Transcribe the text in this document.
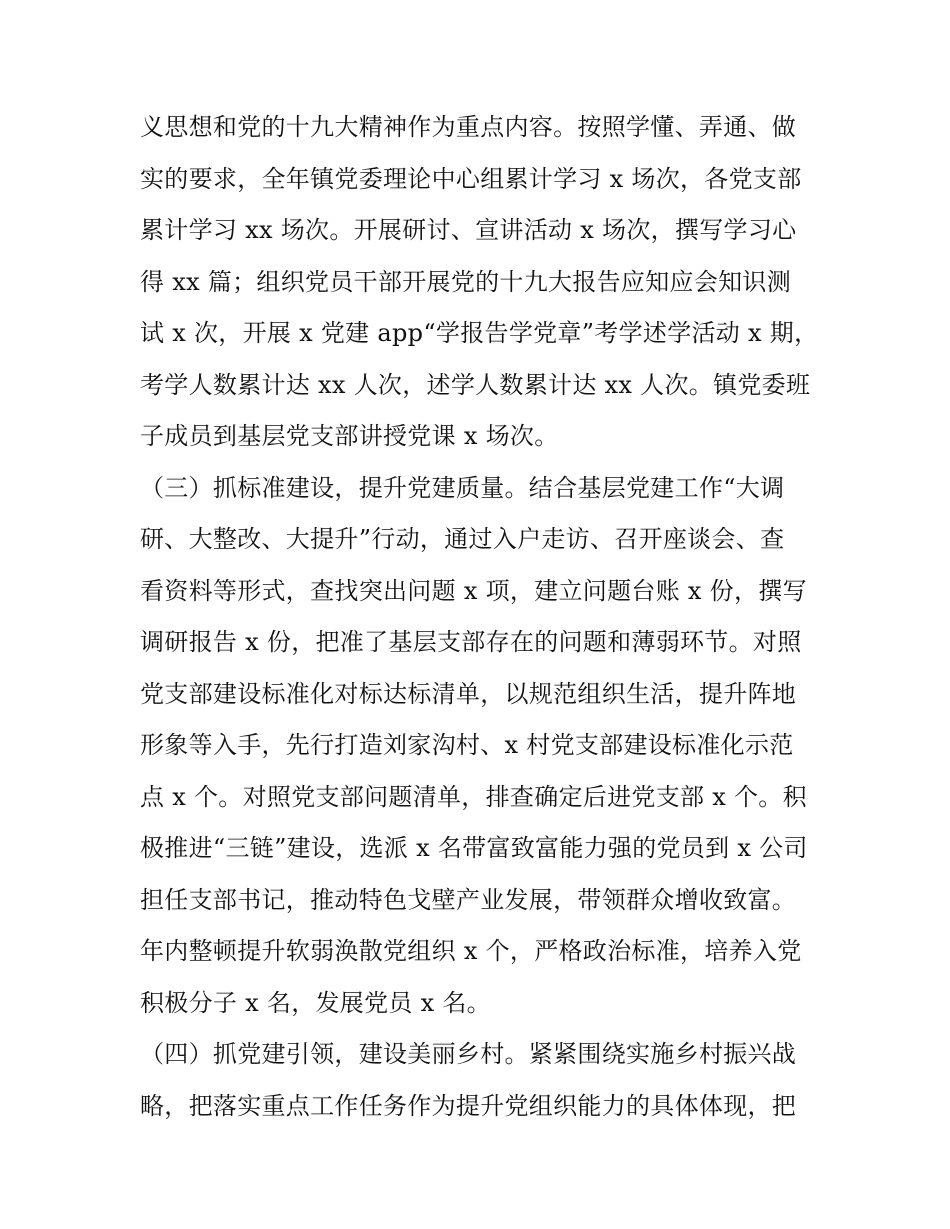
义思想和党的十九大精神作为重点内容。按照学懂、弄通、做
实的要求，全年镇党委理论中心组累计学习 x 场次，各党支部
累计学习 xx 场次。开展研讨、宣讲活动 x 场次，撰写学习心
得 xx 篇；组织党员干部开展党的十九大报告应知应会知识测
试 x 次，开展 x 党建 app“学报告学党章”考学述学活动 x 期，
考学人数累计达 xx 人次，述学人数累计达 xx 人次。镇党委班
子成员到基层党支部讲授党课 x 场次。
（三）抓标准建设，提升党建质量。结合基层党建工作“大调
研、大整改、大提升”行动，通过入户走访、召开座谈会、查
看资料等形式，查找突出问题 x 项，建立问题台账 x 份，撰写
调研报告 x 份，把准了基层支部存在的问题和薄弱环节。对照
党支部建设标准化对标达标清单，以规范组织生活，提升阵地
形象等入手，先行打造刘家沟村、x 村党支部建设标准化示范
点 x 个。对照党支部问题清单，排查确定后进党支部 x 个。积
极推进“三链”建设，选派 x 名带富致富能力强的党员到 x 公司
担任支部书记，推动特色戈壁产业发展，带领群众增收致富。
年内整顿提升软弱涣散党组织 x 个，严格政治标准，培养入党
积极分子 x 名，发展党员 x 名。
（四）抓党建引领，建设美丽乡村。紧紧围绕实施乡村振兴战
略，把落实重点工作任务作为提升党组织能力的具体体现，把
